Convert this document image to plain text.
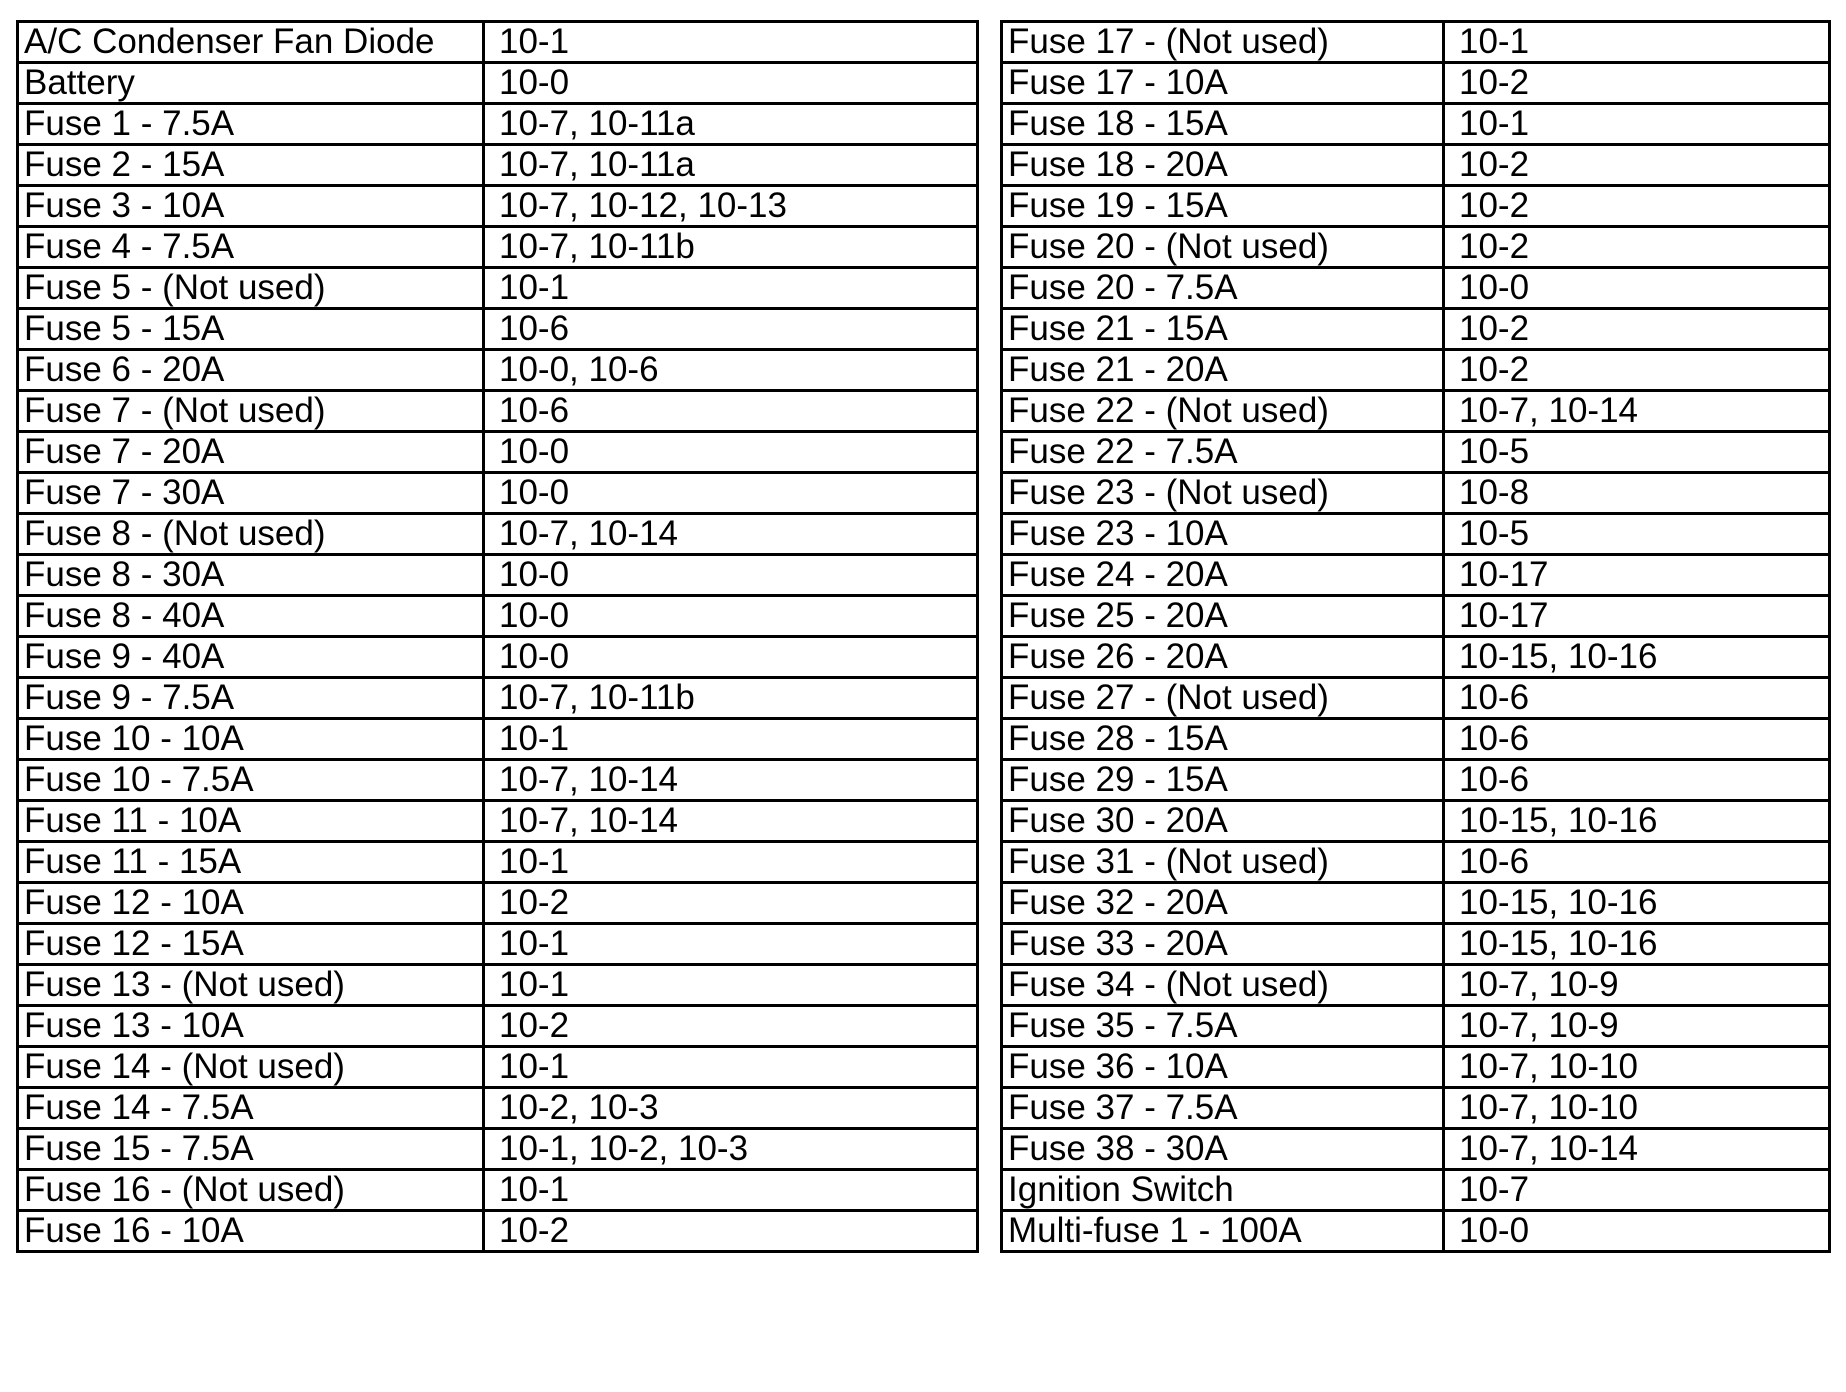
A/C Condenser Fan Diode	10-1
Battery	10-0
Fuse 1 - 7.5A	10-7, 10-11a
Fuse 2 - 15A	10-7, 10-11a
Fuse 3 - 10A	10-7, 10-12, 10-13
Fuse 4 - 7.5A	10-7, 10-11b
Fuse 5 - (Not used)	10-1
Fuse 5 - 15A	10-6
Fuse 6 - 20A	10-0, 10-6
Fuse 7 - (Not used)	10-6
Fuse 7 - 20A	10-0
Fuse 7 - 30A	10-0
Fuse 8 - (Not used)	10-7, 10-14
Fuse 8 - 30A	10-0
Fuse 8 - 40A	10-0
Fuse 9 - 40A	10-0
Fuse 9 - 7.5A	10-7, 10-11b
Fuse 10 - 10A	10-1
Fuse 10 - 7.5A	10-7, 10-14
Fuse 11 - 10A	10-7, 10-14
Fuse 11 - 15A	10-1
Fuse 12 - 10A	10-2
Fuse 12 - 15A	10-1
Fuse 13 - (Not used)	10-1
Fuse 13 - 10A	10-2
Fuse 14 - (Not used)	10-1
Fuse 14 - 7.5A	10-2, 10-3
Fuse 15 - 7.5A	10-1, 10-2, 10-3
Fuse 16 - (Not used)	10-1
Fuse 16 - 10A	10-2
Fuse 17 - (Not used)	10-1
Fuse 17 - 10A	10-2
Fuse 18 - 15A	10-1
Fuse 18 - 20A	10-2
Fuse 19 - 15A	10-2
Fuse 20 - (Not used)	10-2
Fuse 20 - 7.5A	10-0
Fuse 21 - 15A	10-2
Fuse 21 - 20A	10-2
Fuse 22 - (Not used)	10-7, 10-14
Fuse 22 - 7.5A	10-5
Fuse 23 - (Not used)	10-8
Fuse 23 - 10A	10-5
Fuse 24 - 20A	10-17
Fuse 25 - 20A	10-17
Fuse 26 - 20A	10-15, 10-16
Fuse 27 - (Not used)	10-6
Fuse 28 - 15A	10-6
Fuse 29 - 15A	10-6
Fuse 30 - 20A	10-15, 10-16
Fuse 31 - (Not used)	10-6
Fuse 32 - 20A	10-15, 10-16
Fuse 33 - 20A	10-15, 10-16
Fuse 34 - (Not used)	10-7, 10-9
Fuse 35 - 7.5A	10-7, 10-9
Fuse 36 - 10A	10-7, 10-10
Fuse 37 - 7.5A	10-7, 10-10
Fuse 38 - 30A	10-7, 10-14
Ignition Switch	10-7
Multi-fuse 1 - 100A	10-0
